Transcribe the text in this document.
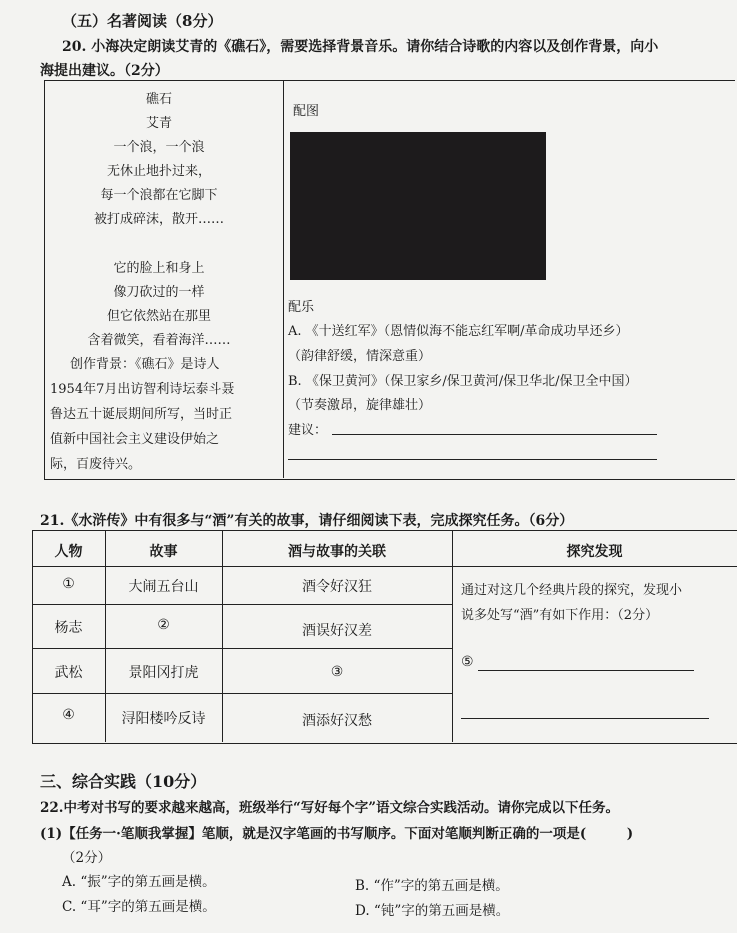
（五）名著阅读（8分）
20. 小海决定朗读艾青的《礁石》，需要选择背景音乐。请你结合诗歌的内容以及创作背景，向小
海提出建议。（2分）
礁石
艾青
一个浪，一个浪
无休止地扑过来，
每一个浪都在它脚下
被打成碎沫，散开……
它的脸上和身上
像刀砍过的一样
但它依然站在那里
含着微笑，看着海洋……
创作背景：《礁石》是诗人
1954年7月出访智利诗坛泰斗聂
鲁达五十诞辰期间所写，当时正
值新中国社会主义建设伊始之
际，百废待兴。
配图
配乐
A. 《十送红军》（恩情似海不能忘红军啊/革命成功早还乡）
（韵律舒缓，情深意重）
B. 《保卫黄河》（保卫家乡/保卫黄河/保卫华北/保卫全中国）
（节奏激昂，旋律雄壮）
建议：
21.《水浒传》中有很多与“酒”有关的故事，请仔细阅读下表，完成探究任务。（6分）
人物	故事	酒与故事的关联	探究发现
①	大闹五台山	酒令好汉狂
杨志	②	酒误好汉差
武松	景阳冈打虎	③
④	浔阳楼吟反诗	酒添好汉愁
通过对这几个经典片段的探究，发现小
说多处写“酒”有如下作用：（2分）
⑤
三、综合实践（10分）
22.中考对书写的要求越来越高，班级举行“写好每个字”语文综合实践活动。请你完成以下任务。
(1)【任务一·笔顺我掌握】笔顺，就是汉字笔画的书写顺序。下面对笔顺判断正确的一项是(　　　)
（2分）
A. “振”字的第五画是横。	B. “作”字的第五画是横。
C. “耳”字的第五画是横。	D. “钝”字的第五画是横。
